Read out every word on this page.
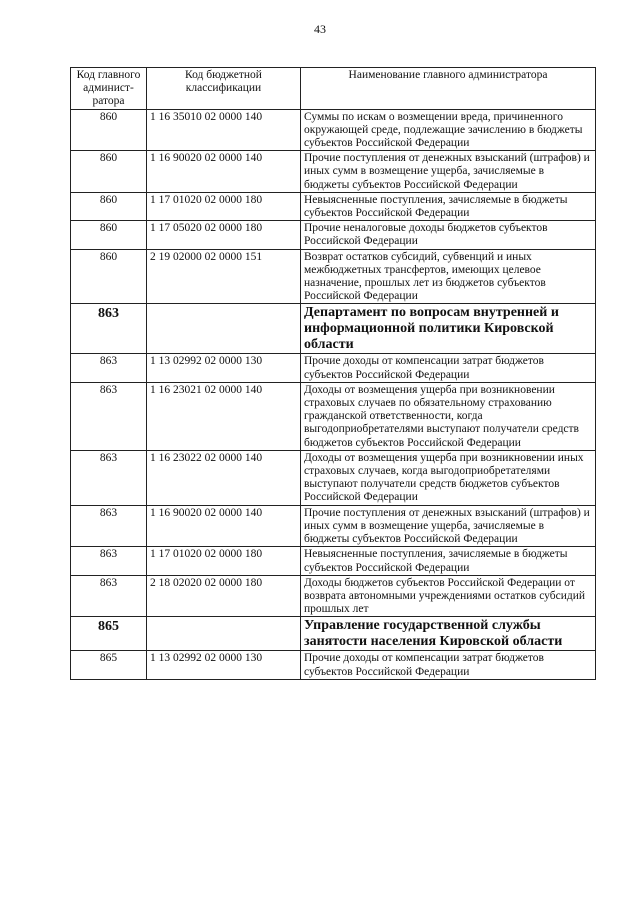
43
Код главного админист-ратора	Код бюджетной классификации	Наименование главного администратора
860	1 16 35010 02 0000 140	Суммы по искам о возмещении вреда, причиненного окружающей среде, подлежащие зачислению в бюджеты субъектов Российской Федерации
860	1 16 90020 02 0000 140	Прочие поступления от денежных взысканий (штрафов) и иных сумм в возмещение ущерба, зачисляемые в бюджеты субъектов Российской Федерации
860	1 17 01020 02 0000 180	Невыясненные поступления, зачисляемые в бюджеты субъектов Российской Федерации
860	1 17 05020 02 0000 180	Прочие неналоговые доходы бюджетов субъектов Российской Федерации
860	2 19 02000 02 0000 151	Возврат остатков субсидий, субвенций и иных межбюджетных трансфертов, имеющих целевое назначение, прошлых лет из бюджетов субъектов Российской Федерации
863		Департамент по вопросам внутренней и информационной политики Кировской области
863	1 13 02992 02 0000 130	Прочие доходы от компенсации затрат бюджетов субъектов Российской Федерации
863	1 16 23021 02 0000 140	Доходы от возмещения ущерба при возникновении страховых случаев по обязательному страхованию гражданской ответственности, когда выгодоприобретателями выступают получатели средств бюджетов субъектов Российской Федерации
863	1 16 23022 02 0000 140	Доходы от возмещения ущерба при возникновении иных страховых случаев, когда выгодоприобретателями выступают получатели средств бюджетов субъектов Российской Федерации
863	1 16 90020 02 0000 140	Прочие поступления от денежных взысканий (штрафов) и иных сумм в возмещение ущерба, зачисляемые в бюджеты субъектов Российской Федерации
863	1 17 01020 02 0000 180	Невыясненные поступления, зачисляемые в бюджеты субъектов Российской Федерации
863	2 18 02020 02 0000 180	Доходы бюджетов субъектов Российской Федерации от возврата автономными учреждениями остатков субсидий прошлых лет
865		Управление государственной службы занятости населения Кировской области
865	1 13 02992 02 0000 130	Прочие доходы от компенсации затрат бюджетов субъектов Российской Федерации
